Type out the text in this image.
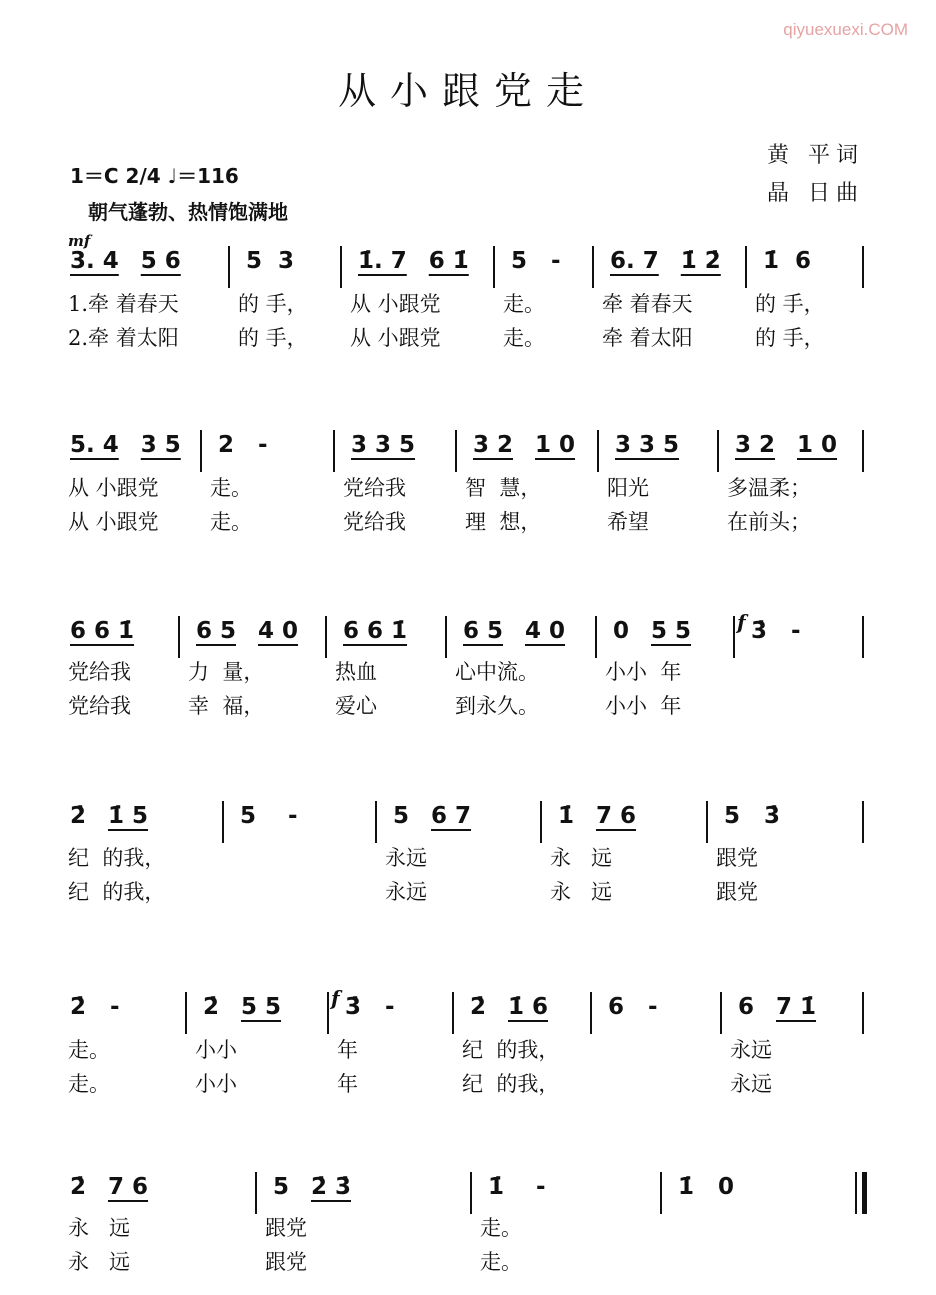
qiyuexuexi.COM
从小跟党走
黄 平词
晶 日曲
1＝C 2/4 ♩＝116
朝气蓬勃、热情饱满地
mf
3. 4 5 6
1.牵 着春天
2.牵 着太阳
5  3
的 手，
的 手，
1̇. 7 6 1̇
从 小跟党
从 小跟党
5   -
走。
走。
6. 7 1̇ 2̇
牵 着春天
牵 着太阳
1̇  6
的 手，
的 手，
5. 4 3 5
从 小跟党
从 小跟党
2   -
走。
走。
3 3 5
党给我
党给我
3 2 1 0
智  慧，
理  想，
3 3 5
阳光
希望
3 2 1 0
多温柔；
在前头；
6 6 1̇
党给我
党给我
6 5 4 0
力  量，
幸  福，
6 6 1̇
热血
爱心
6 5 4 0
心中流。
到永久。
0 5 5
小小  年
小小  年
3̇   -
f
2̇ 1̇ 5
纪  的我，
纪  的我，
5    -	5 6 7
永远
永远
1̇ 7 6
永   远
永   远
5   3̇
跟党
跟党
2̇   -
走。
走。
2̇ 5 5
小小
小小
3̇   -
年
年
2̇ 1̇ 6
纪  的我，
纪  的我，
6   -	6 7 1̇
永远
永远
f
2̇ 7 6
永   远
永   远
5 2̇ 3̇
跟党
跟党
1̇    -
走。
走。
1̇   0
